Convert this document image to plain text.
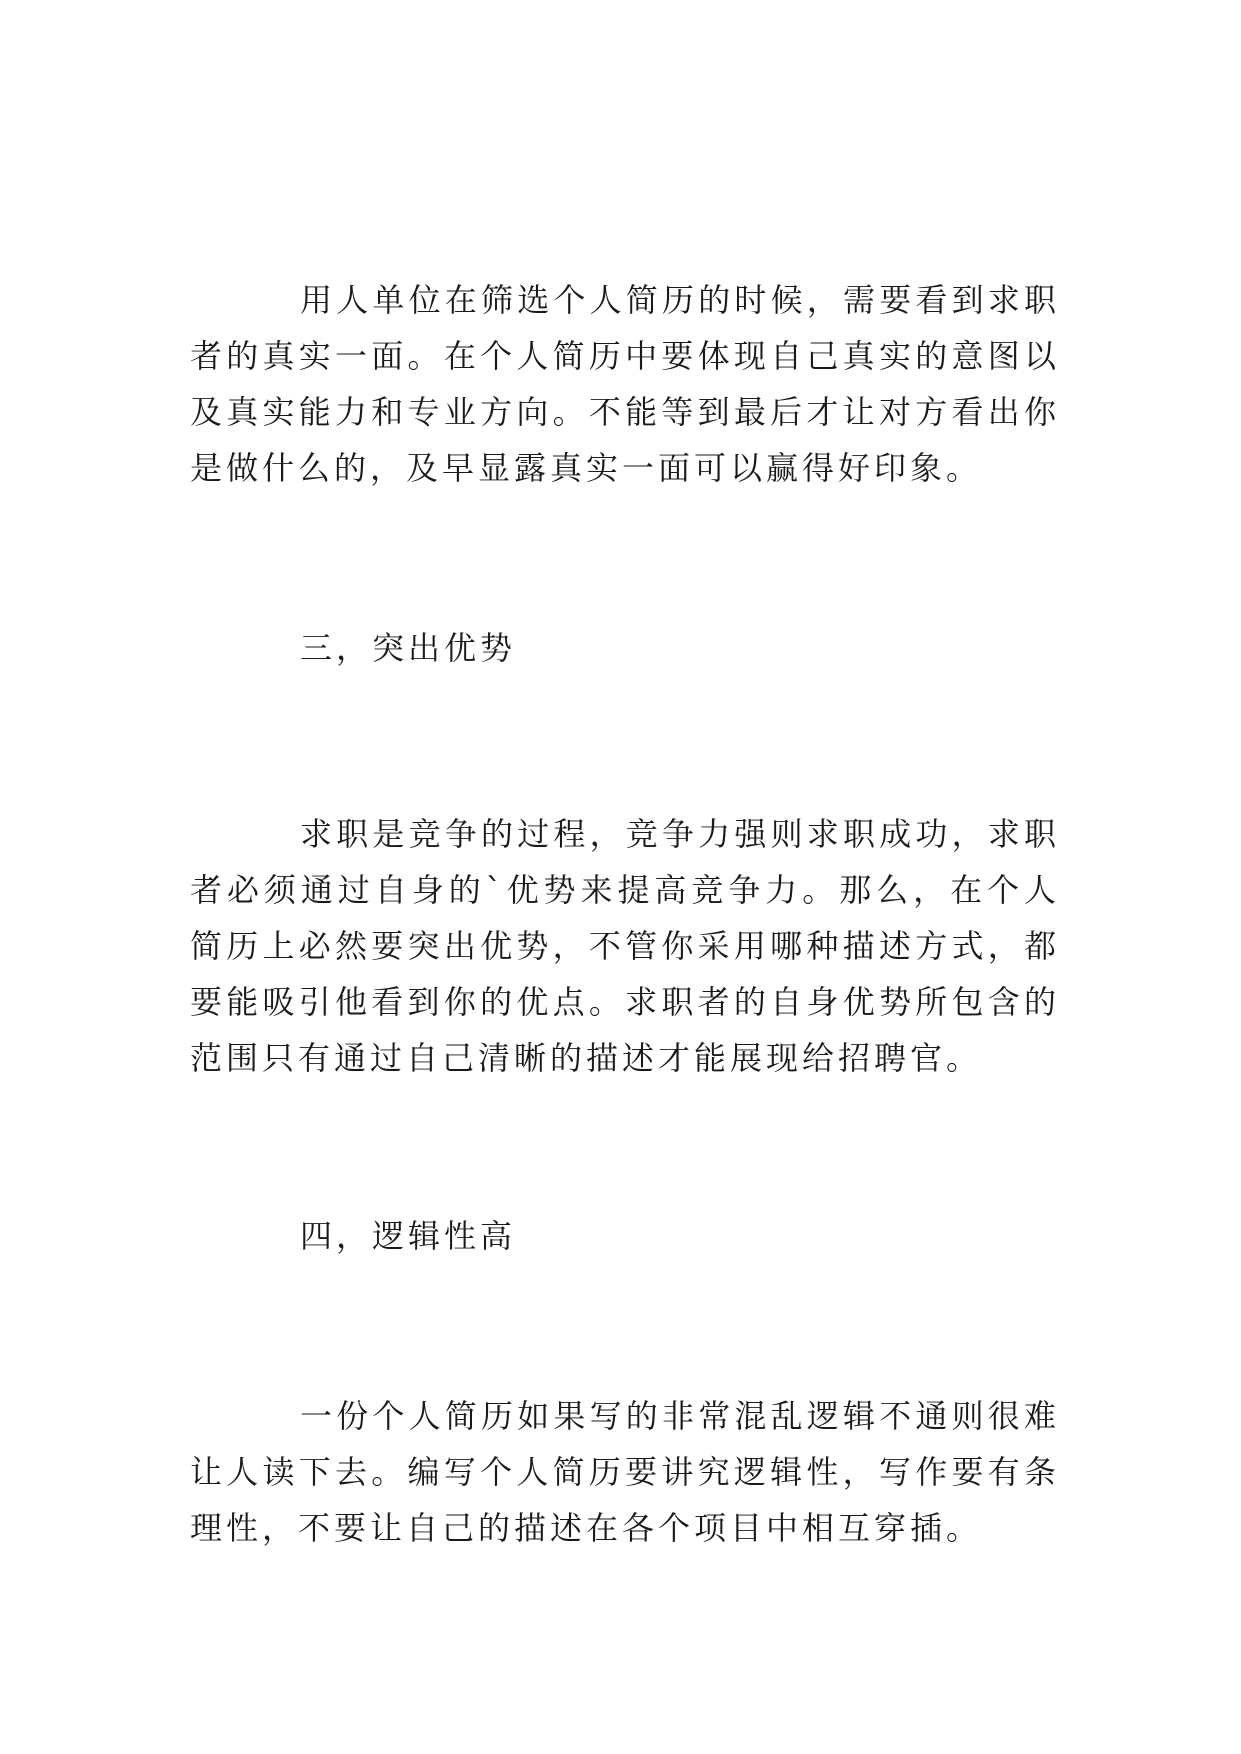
用人单位在筛选个人简历的时候，需要看到求职者的真实一面。在个人简历中要体现自己真实的意图以及真实能力和专业方向。不能等到最后才让对方看出你是做什么的，及早显露真实一面可以赢得好印象。

三，突出优势

求职是竞争的过程，竞争力强则求职成功，求职者必须通过自身的`优势来提高竞争力。那么，在个人简历上必然要突出优势，不管你采用哪种描述方式，都要能吸引他看到你的优点。求职者的自身优势所包含的范围只有通过自己清晰的描述才能展现给招聘官。

四，逻辑性高

一份个人简历如果写的非常混乱逻辑不通则很难让人读下去。编写个人简历要讲究逻辑性，写作要有条理性，不要让自己的描述在各个项目中相互穿插。
